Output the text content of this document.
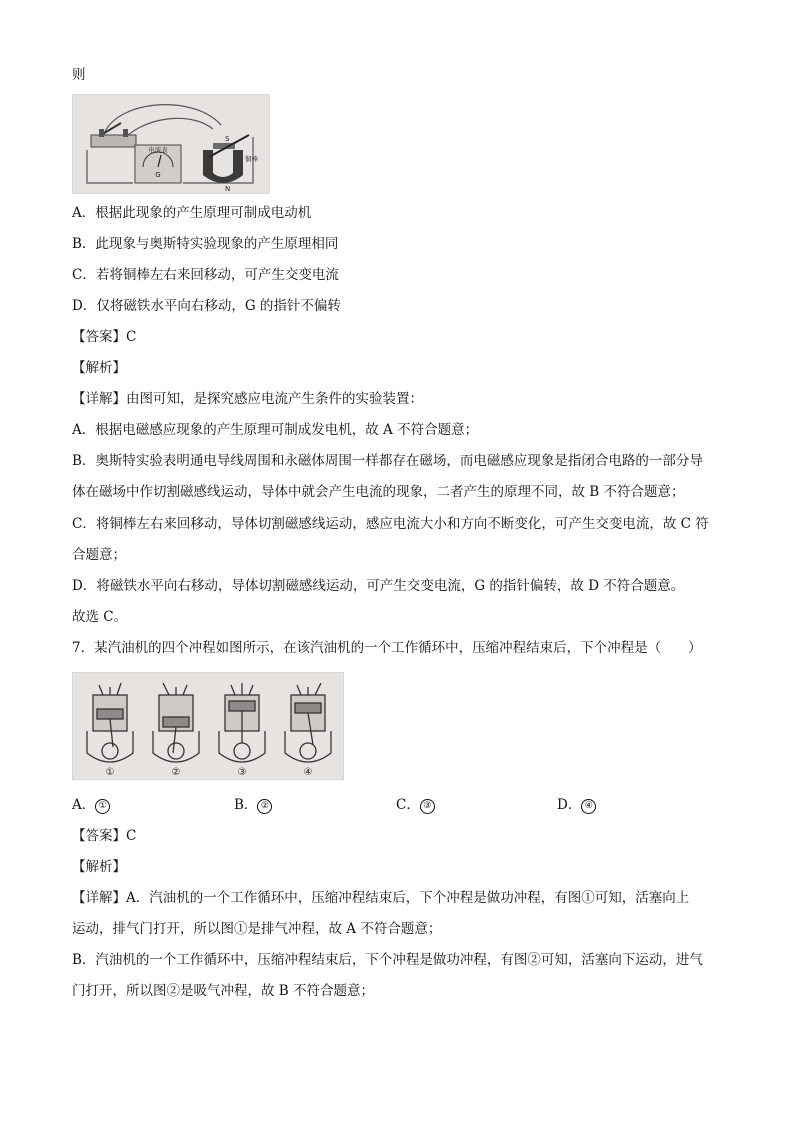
则
G
电流表
S
N
铜棒
A．根据此现象的产生原理可制成电动机
B．此现象与奥斯特实验现象的产生原理相同
C．若将铜棒左右来回移动，可产生交变电流
D．仅将磁铁水平向右移动，G 的指针不偏转
【答案】C
【解析】
【详解】由图可知，是探究感应电流产生条件的实验装置：
A．根据电磁感应现象的产生原理可制成发电机，故 A 不符合题意；
B．奥斯特实验表明通电导线周围和永磁体周围一样都存在磁场，而电磁感应现象是指闭合电路的一部分导
体在磁场中作切割磁感线运动，导体中就会产生电流的现象，二者产生的原理不同，故 B 不符合题意；
C．将铜棒左右来回移动，导体切割磁感线运动，感应电流大小和方向不断变化，可产生交变电流，故 C 符
合题意；
D．将磁铁水平向右移动，导体切割磁感线运动，可产生交变电流，G 的指针偏转，故 D 不符合题意。
故选 C。
7．某汽油机的四个冲程如图所示，在该汽油机的一个工作循环中，压缩冲程结束后，下个冲程是（　　）
①	②	③	④
A． ①	B． ②	C． ③	D． ④
【答案】C
【解析】
【详解】A．汽油机的一个工作循环中，压缩冲程结束后，下个冲程是做功冲程，有图①可知，活塞向上
运动，排气门打开，所以图①是排气冲程，故 A 不符合题意；
B．汽油机的一个工作循环中，压缩冲程结束后，下个冲程是做功冲程，有图②可知，活塞向下运动，进气
门打开，所以图②是吸气冲程，故 B 不符合题意；
